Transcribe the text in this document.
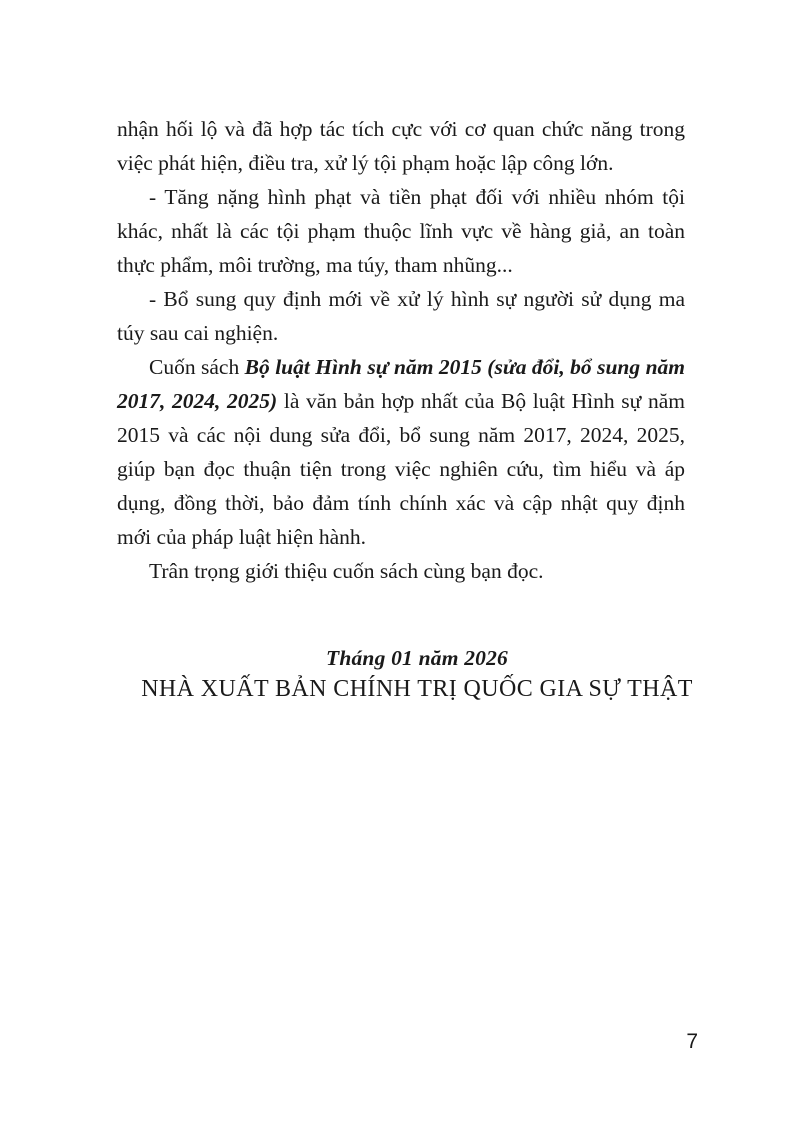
nhận hối lộ và đã hợp tác tích cực với cơ quan chức năng trong việc phát hiện, điều tra, xử lý tội phạm hoặc lập công lớn.

- Tăng nặng hình phạt và tiền phạt đối với nhiều nhóm tội khác, nhất là các tội phạm thuộc lĩnh vực về hàng giả, an toàn thực phẩm, môi trường, ma túy, tham nhũng...

- Bổ sung quy định mới về xử lý hình sự người sử dụng ma túy sau cai nghiện.

Cuốn sách Bộ luật Hình sự năm 2015 (sửa đổi, bổ sung năm 2017, 2024, 2025) là văn bản hợp nhất của Bộ luật Hình sự năm 2015 và các nội dung sửa đổi, bổ sung năm 2017, 2024, 2025, giúp bạn đọc thuận tiện trong việc nghiên cứu, tìm hiểu và áp dụng, đồng thời, bảo đảm tính chính xác và cập nhật quy định mới của pháp luật hiện hành.

Trân trọng giới thiệu cuốn sách cùng bạn đọc.

Tháng 01 năm 2026

NHÀ XUẤT BẢN CHÍNH TRỊ QUỐC GIA SỰ THẬT

7
